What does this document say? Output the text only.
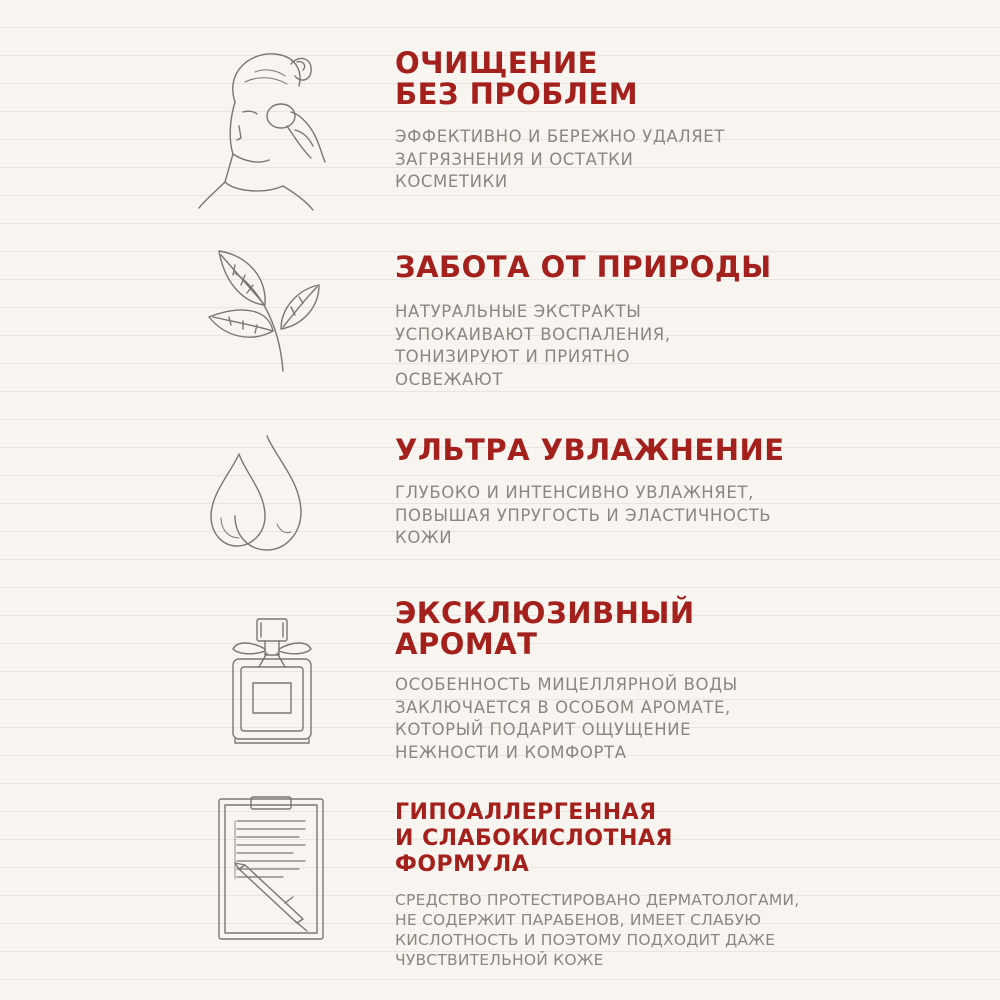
ОЧИЩЕНИЕ
БЕЗ ПРОБЛЕМ

ЭФФЕКТИВНО И БЕРЕЖНО УДАЛЯЕТ
ЗАГРЯЗНЕНИЯ И ОСТАТКИ
КОСМЕТИКИ

ЗАБОТА ОТ ПРИРОДЫ

НАТУРАЛЬНЫЕ ЭКСТРАКТЫ
УСПОКАИВАЮТ ВОСПАЛЕНИЯ,
ТОНИЗИРУЮТ И ПРИЯТНО
ОСВЕЖАЮТ

УЛЬТРА УВЛАЖНЕНИЕ

ГЛУБОКО И ИНТЕНСИВНО УВЛАЖНЯЕТ,
ПОВЫШАЯ УПРУГОСТЬ И ЭЛАСТИЧНОСТЬ
КОЖИ

ЭКСКЛЮЗИВНЫЙ
АРОМАТ

ОСОБЕННОСТЬ МИЦЕЛЛЯРНОЙ ВОДЫ
ЗАКЛЮЧАЕТСЯ В ОСОБОМ АРОМАТЕ,
КОТОРЫЙ ПОДАРИТ ОЩУЩЕНИЕ
НЕЖНОСТИ И КОМФОРТА

ГИПОАЛЛЕРГЕННАЯ
И СЛАБОКИСЛОТНАЯ
ФОРМУЛА

СРЕДСТВО ПРОТЕСТИРОВАНО ДЕРМАТОЛОГАМИ,
НЕ СОДЕРЖИТ ПАРАБЕНОВ, ИМЕЕТ СЛАБУЮ
КИСЛОТНОСТЬ И ПОЭТОМУ ПОДХОДИТ ДАЖЕ
ЧУВСТВИТЕЛЬНОЙ КОЖЕ
